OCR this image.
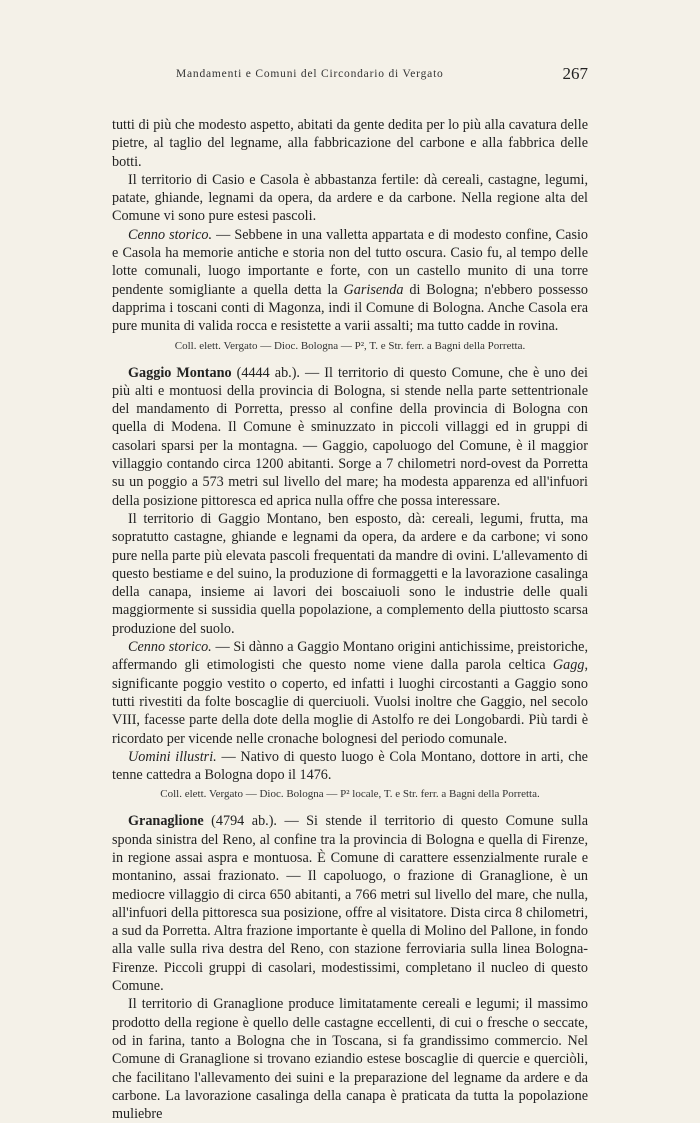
Mandamenti e Comuni del Circondario di Vergato	267

tutti di più che modesto aspetto, abitati da gente dedita per lo più alla cavatura delle pietre, al taglio del legname, alla fabbricazione del carbone e alla fabbrica delle botti.

Il territorio di Casio e Casola è abbastanza fertile: dà cereali, castagne, legumi, patate, ghiande, legnami da opera, da ardere e da carbone. Nella regione alta del Comune vi sono pure estesi pascoli.

Cenno storico. — Sebbene in una valletta appartata e di modesto confine, Casio e Casola ha memorie antiche e storia non del tutto oscura. Casio fu, al tempo delle lotte comunali, luogo importante e forte, con un castello munito di una torre pendente somigliante a quella detta la Garisenda di Bologna; n'ebbero possesso dapprima i toscani conti di Magonza, indi il Comune di Bologna. Anche Casola era pure munita di valida rocca e resistette a varii assalti; ma tutto cadde in rovina.

Coll. elett. Vergato — Dioc. Bologna — P², T. e Str. ferr. a Bagni della Porretta.

Gaggio Montano (4444 ab.). — Il territorio di questo Comune, che è uno dei più alti e montuosi della provincia di Bologna, si stende nella parte settentrionale del mandamento di Porretta, presso al confine della provincia di Bologna con quella di Modena. Il Comune è sminuzzato in piccoli villaggi ed in gruppi di casolari sparsi per la montagna. — Gaggio, capoluogo del Comune, è il maggior villaggio contando circa 1200 abitanti. Sorge a 7 chilometri nord-ovest da Porretta su un poggio a 573 metri sul livello del mare; ha modesta apparenza ed all'infuori della posizione pittoresca ed aprica nulla offre che possa interessare.

Il territorio di Gaggio Montano, ben esposto, dà: cereali, legumi, frutta, ma sopratutto castagne, ghiande e legnami da opera, da ardere e da carbone; vi sono pure nella parte più elevata pascoli frequentati da mandre di ovini. L'allevamento di questo bestiame e del suino, la produzione di formaggetti e la lavorazione casalinga della canapa, insieme ai lavori dei boscaiuoli sono le industrie delle quali maggiormente si sussidia quella popolazione, a complemento della piuttosto scarsa produzione del suolo.

Cenno storico. — Si dànno a Gaggio Montano origini antichissime, preistoriche, affermando gli etimologisti che questo nome viene dalla parola celtica Gagg, significante poggio vestito o coperto, ed infatti i luoghi circostanti a Gaggio sono tutti rivestiti da folte boscaglie di querciuoli. Vuolsi inoltre che Gaggio, nel secolo VIII, facesse parte della dote della moglie di Astolfo re dei Longobardi. Più tardi è ricordato per vicende nelle cronache bolognesi del periodo comunale.

Uomini illustri. — Nativo di questo luogo è Cola Montano, dottore in arti, che tenne cattedra a Bologna dopo il 1476.

Coll. elett. Vergato — Dioc. Bologna — P² locale, T. e Str. ferr. a Bagni della Porretta.

Granaglione (4794 ab.). — Si stende il territorio di questo Comune sulla sponda sinistra del Reno, al confine tra la provincia di Bologna e quella di Firenze, in regione assai aspra e montuosa. È Comune di carattere essenzialmente rurale e montanino, assai frazionato. — Il capoluogo, o frazione di Granaglione, è un mediocre villaggio di circa 650 abitanti, a 766 metri sul livello del mare, che nulla, all'infuori della pittoresca sua posizione, offre al visitatore. Dista circa 8 chilometri, a sud da Porretta. Altra frazione importante è quella di Molino del Pallone, in fondo alla valle sulla riva destra del Reno, con stazione ferroviaria sulla linea Bologna-Firenze. Piccoli gruppi di casolari, modestissimi, completano il nucleo di questo Comune.

Il territorio di Granaglione produce limitatamente cereali e legumi; il massimo prodotto della regione è quello delle castagne eccellenti, di cui o fresche o seccate, od in farina, tanto a Bologna che in Toscana, si fa grandissimo commercio. Nel Comune di Granaglione si trovano eziandio estese boscaglie di quercie e querciòli, che facilitano l'allevamento dei suini e la preparazione del legname da ardere e da carbone. La lavorazione casalinga della canapa è praticata da tutta la popolazione muliebre
